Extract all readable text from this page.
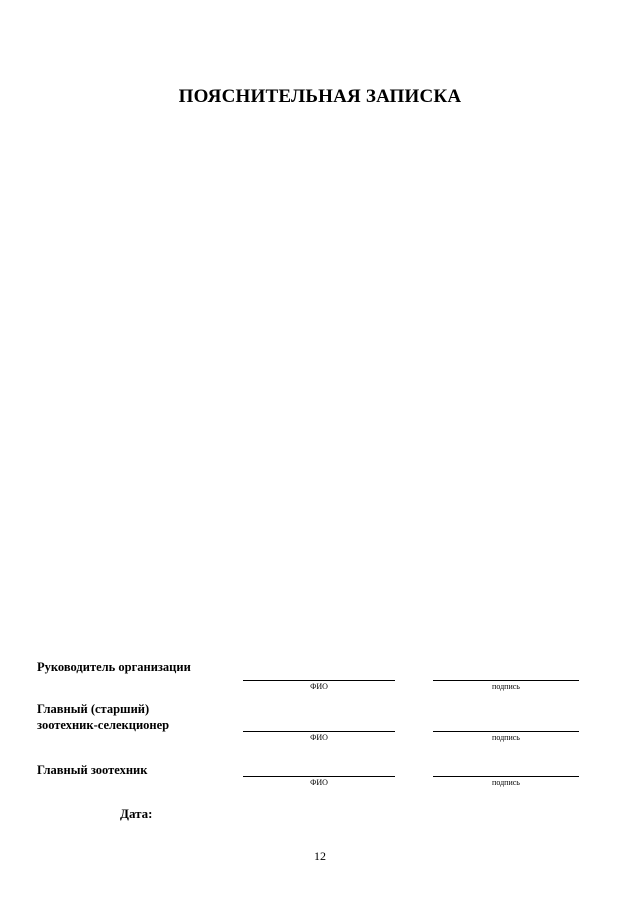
ПОЯСНИТЕЛЬНАЯ ЗАПИСКА
Руководитель организации
ФИО	подпись
Главный (старший)
зоотехник-селекционер
ФИО	подпись
Главный зоотехник
ФИО	подпись
Дата:
12
